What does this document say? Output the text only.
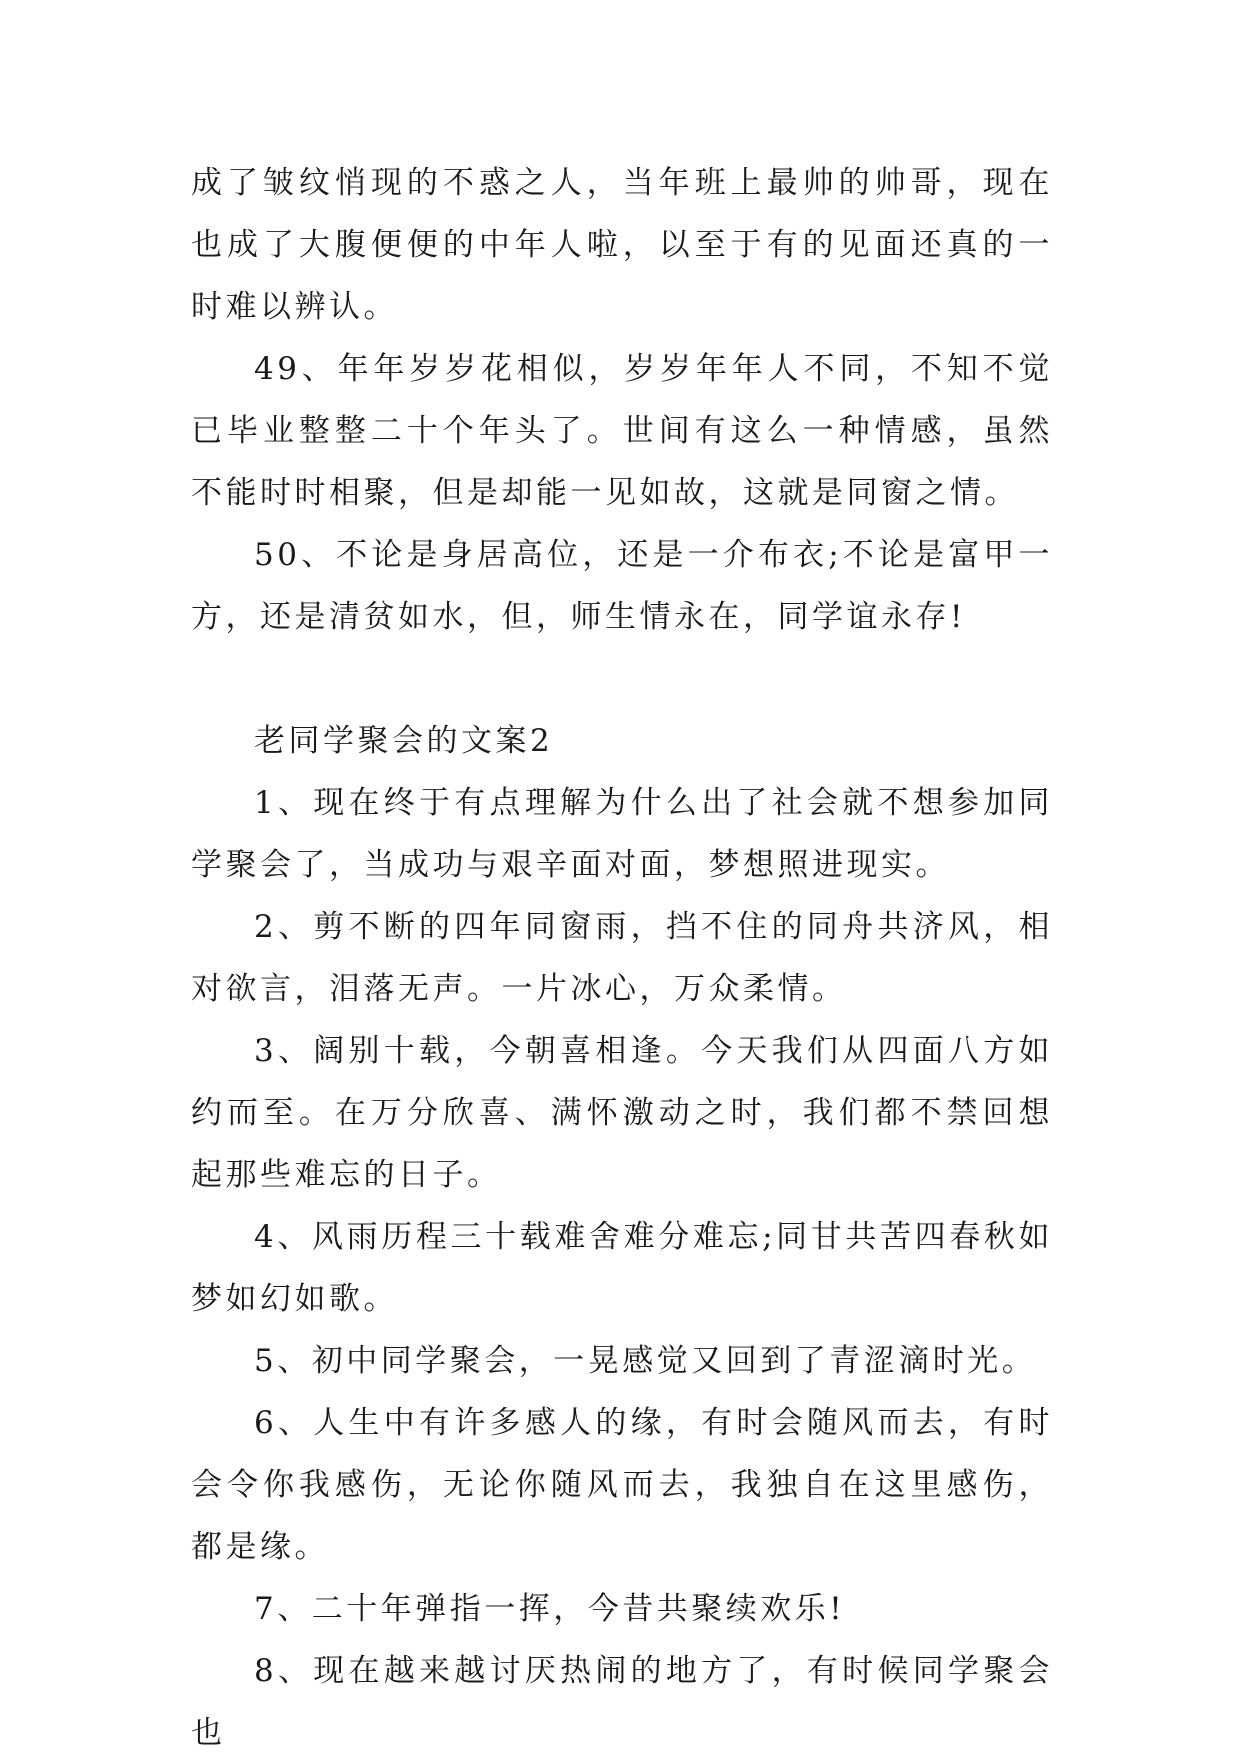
成了皱纹悄现的不惑之人，当年班上最帅的帅哥，现在也成了大腹便便的中年人啦，以至于有的见面还真的一时难以辨认。

49、年年岁岁花相似，岁岁年年人不同，不知不觉已毕业整整二十个年头了。世间有这么一种情感，虽然不能时时相聚，但是却能一见如故，这就是同窗之情。

50、不论是身居高位，还是一介布衣;不论是富甲一方，还是清贫如水，但，师生情永在，同学谊永存!

老同学聚会的文案2

1、现在终于有点理解为什么出了社会就不想参加同学聚会了，当成功与艰辛面对面，梦想照进现实。

2、剪不断的四年同窗雨，挡不住的同舟共济风，相对欲言，泪落无声。一片冰心，万众柔情。

3、阔别十载，今朝喜相逢。今天我们从四面八方如约而至。在万分欣喜、满怀激动之时，我们都不禁回想起那些难忘的日子。

4、风雨历程三十载难舍难分难忘;同甘共苦四春秋如梦如幻如歌。

5、初中同学聚会，一晃感觉又回到了青涩滴时光。

6、人生中有许多感人的缘，有时会随风而去，有时会令你我感伤，无论你随风而去，我独自在这里感伤，都是缘。

7、二十年弹指一挥，今昔共聚续欢乐!

8、现在越来越讨厌热闹的地方了，有时候同学聚会也
